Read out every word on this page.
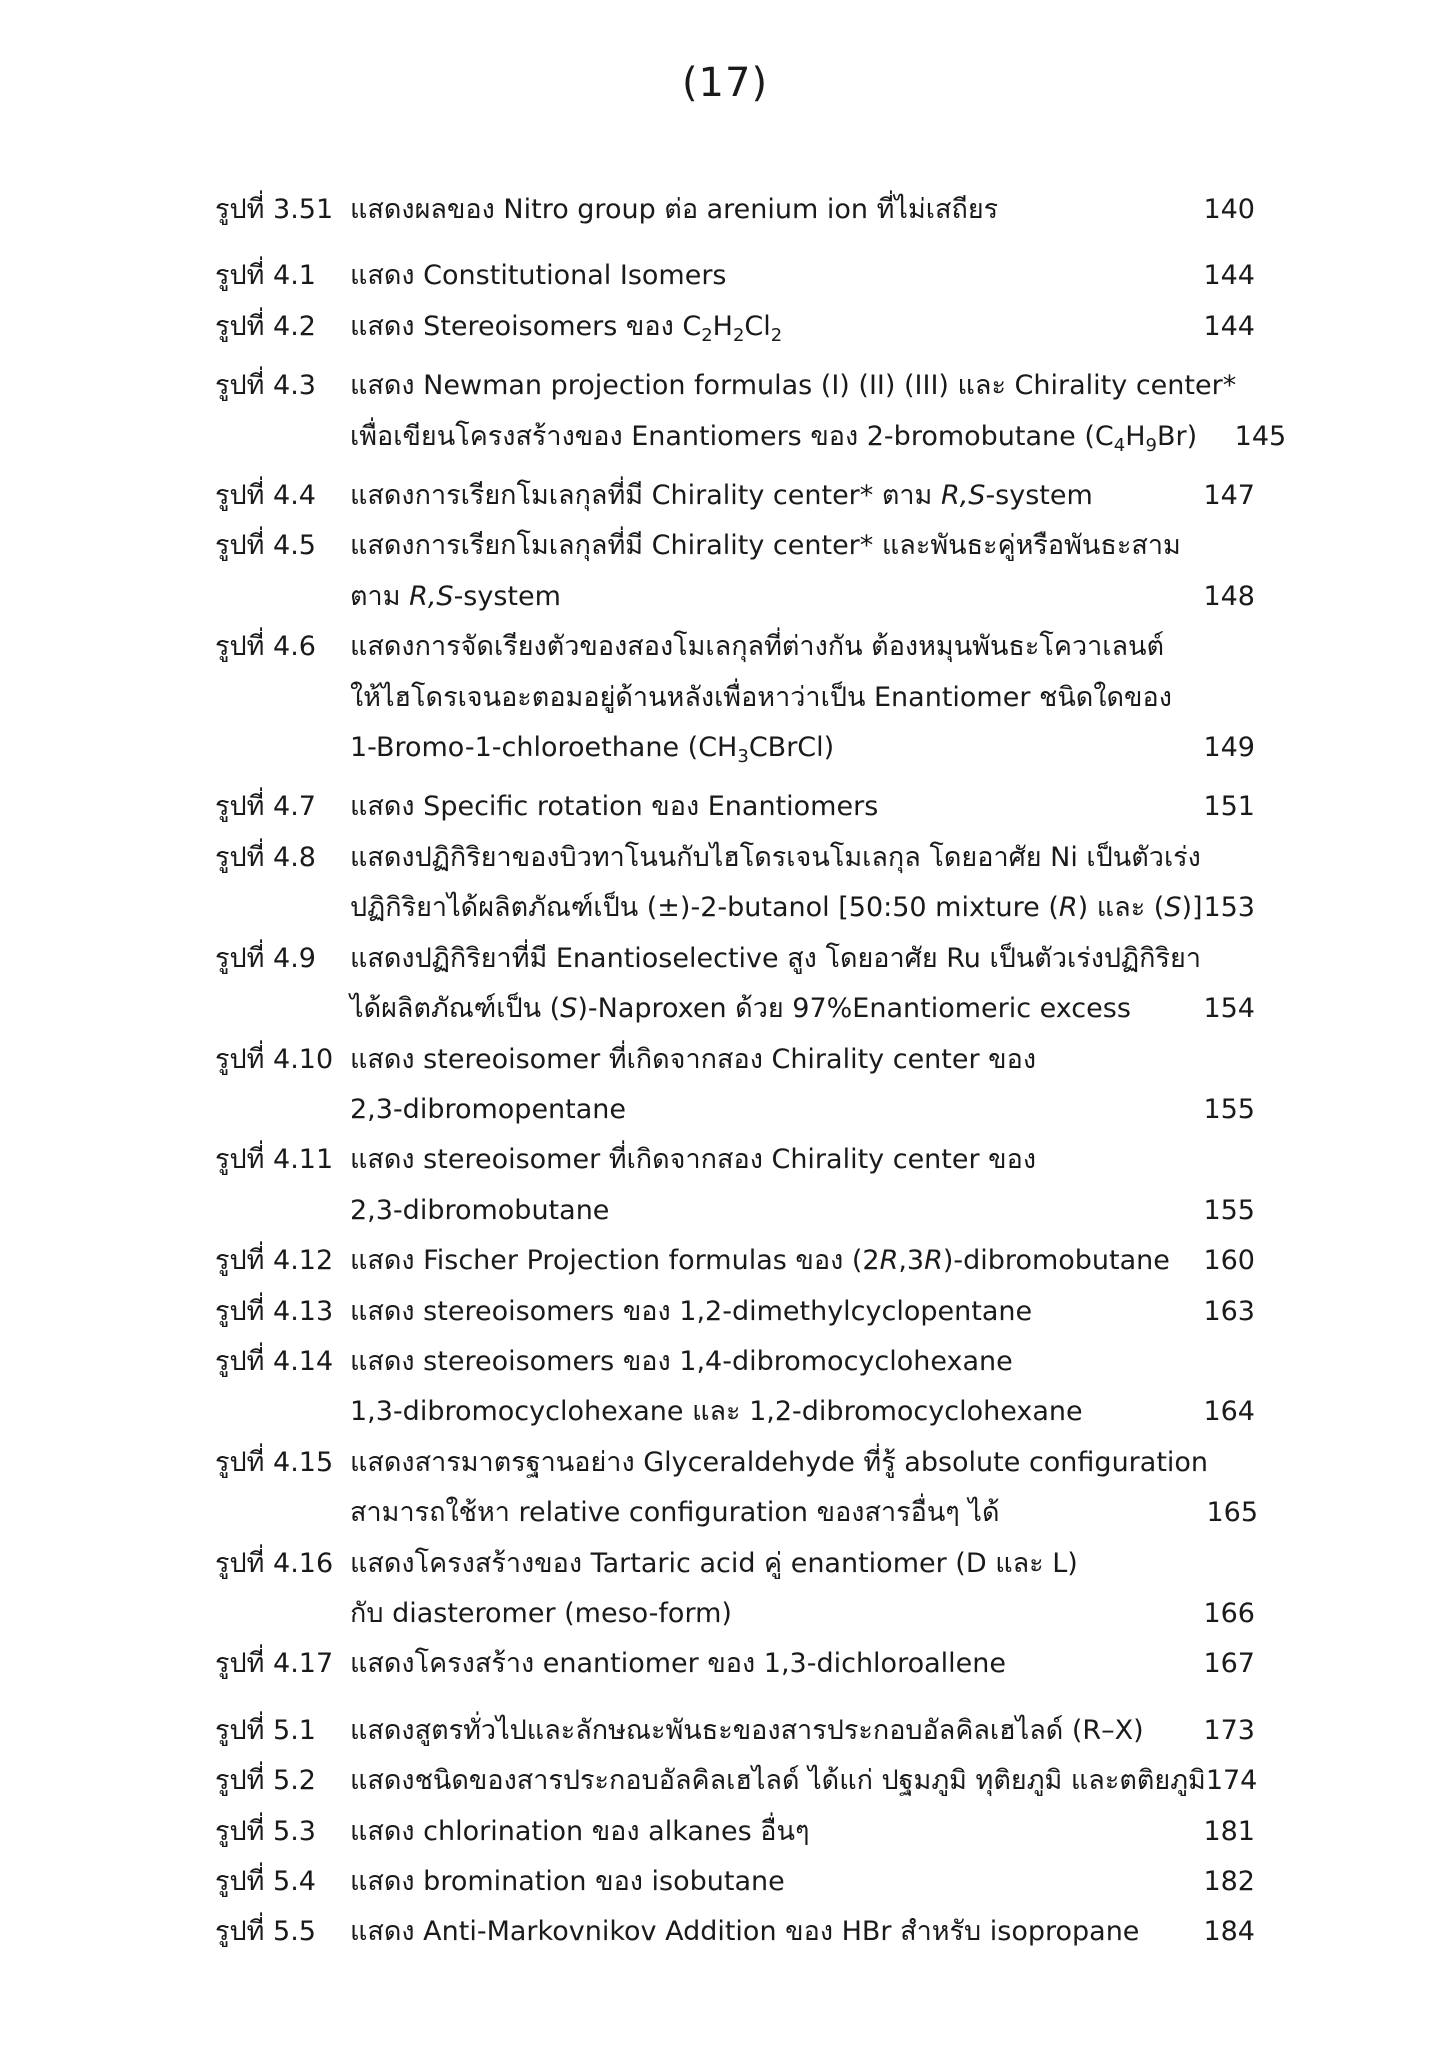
(17)
รูปที่ 3.51 แสดงผลของ Nitro group ต่อ arenium ion ที่ไม่เสถียร	140
รูปที่ 4.1	แสดง Constitutional Isomers	144
รูปที่ 4.2	แสดง Stereoisomers ของ $C_2H_2Cl_2$	144
รูปที่ 4.3	แสดง Newman projection formulas (I) (II) (III) และ Chirality center*
เพื่อเขียนโครงสร้างของ Enantiomers ของ 2-bromobutane $(C_4H_9Br)$ 145
รูปที่ 4.4	แสดงการเรียกโมเลกุลที่มี Chirality center* ตาม R,S-system	147
รูปที่ 4.5	แสดงการเรียกโมเลกุลที่มี Chirality center* และพันธะคู่หรือพันธะสาม
ตาม R,S-system	148
รูปที่ 4.6	แสดงการจัดเรียงตัวของสองโมเลกุลที่ต่างกัน ต้องหมุนพันธะโควาเลนต์
ให้ไฮโดรเจนอะตอมอยู่ด้านหลังเพื่อหาว่าเป็น Enantiomer ชนิดใดของ
1-Bromo-1-chloroethane $(CH_3CBrCl)$	149
รูปที่ 4.7	แสดง Specific rotation ของ Enantiomers	151
รูปที่ 4.8	แสดงปฏิกิริยาของบิวทาโนนกับไฮโดรเจนโมเลกุล โดยอาศัย Ni เป็นตัวเร่ง
ปฏิกิริยาได้ผลิตภัณฑ์เป็น (±)-2-butanol [50:50 mixture (R) และ (S)] 153
รูปที่ 4.9	แสดงปฏิกิริยาที่มี Enantioselective สูง โดยอาศัย Ru เป็นตัวเร่งปฏิกิริยา
ได้ผลิตภัณฑ์เป็น (S)-Naproxen ด้วย 97%Enantiomeric excess	154
รูปที่ 4.10 แสดง stereoisomer ที่เกิดจากสอง Chirality center ของ
2,3-dibromopentane	155
รูปที่ 4.11 แสดง stereoisomer ที่เกิดจากสอง Chirality center ของ
2,3-dibromobutane	155
รูปที่ 4.12 แสดง Fischer Projection formulas ของ (2R,3R)-dibromobutane 160
รูปที่ 4.13 แสดง stereoisomers ของ 1,2-dimethylcyclopentane	163
รูปที่ 4.14 แสดง stereoisomers ของ 1,4-dibromocyclohexane
1,3-dibromocyclohexane และ 1,2-dibromocyclohexane	164
รูปที่ 4.15 แสดงสารมาตรฐานอย่าง Glyceraldehyde ที่รู้ absolute configuration
สามารถใช้หา relative configuration ของสารอื่นๆ ได้	165
รูปที่ 4.16 แสดงโครงสร้างของ Tartaric acid คู่ enantiomer (D และ L)
กับ diasteromer (meso-form)	166
รูปที่ 4.17 แสดงโครงสร้าง enantiomer ของ 1,3-dichloroallene	167
รูปที่ 5.1	แสดงสูตรทั่วไปและลักษณะพันธะของสารประกอบอัลคิลเฮไลด์ (R–X) 173
รูปที่ 5.2	แสดงชนิดของสารประกอบอัลคิลเฮไลด์ ได้แก่ ปฐมภูมิ ทุติยภูมิ และตติยภูมิ 174
รูปที่ 5.3	แสดง chlorination ของ alkanes อื่นๆ	181
รูปที่ 5.4	แสดง bromination ของ isobutane	182
รูปที่ 5.5	แสดง Anti-Markovnikov Addition ของ HBr สำหรับ isopropane 184
